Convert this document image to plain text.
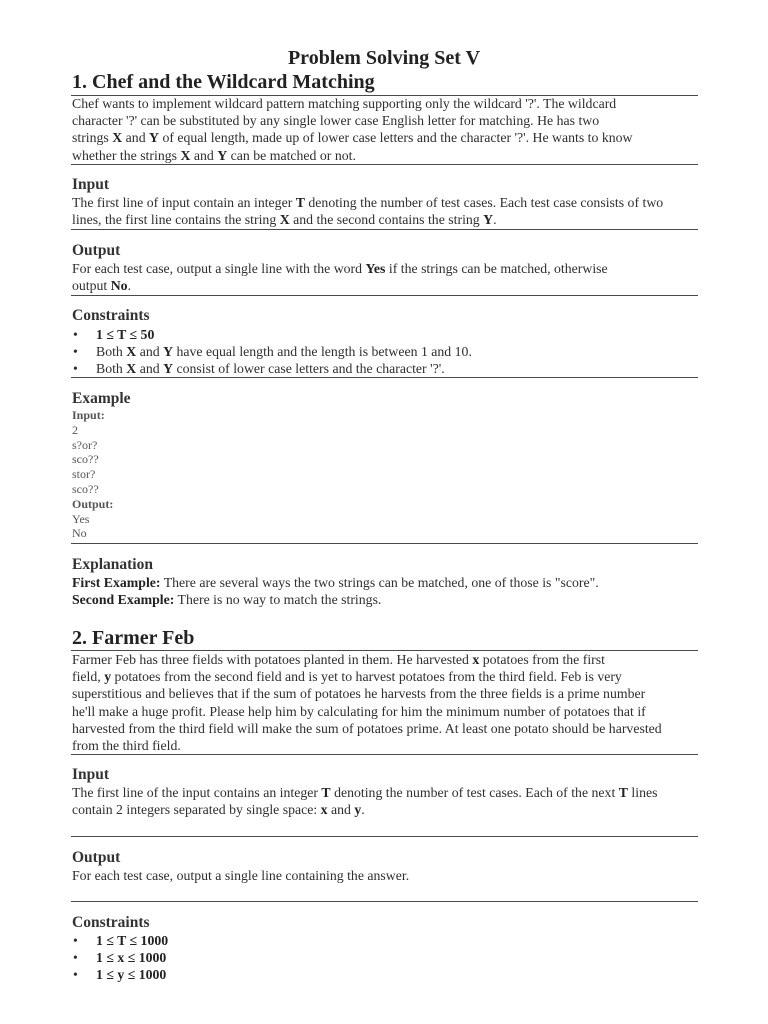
Problem Solving Set V
1. Chef and the Wildcard Matching
Chef wants to implement wildcard pattern matching supporting only the wildcard '?'. The wildcard
character '?' can be substituted by any single lower case English letter for matching. He has two
strings X and Y of equal length, made up of lower case letters and the character '?'. He wants to know
whether the strings X and Y can be matched or not.
Input
The first line of input contain an integer T denoting the number of test cases. Each test case consists of two
lines, the first line contains the string X and the second contains the string Y.
Output
For each test case, output a single line with the word Yes if the strings can be matched, otherwise
output No.
Constraints
• 1 ≤ T ≤ 50
• Both X and Y have equal length and the length is between 1 and 10.
• Both X and Y consist of lower case letters and the character '?'.
Example
Input:
2
s?or?
sco??
stor?
sco??
Output:
Yes
No
Explanation
First Example: There are several ways the two strings can be matched, one of those is "score".
Second Example: There is no way to match the strings.
2. Farmer Feb
Farmer Feb has three fields with potatoes planted in them. He harvested x potatoes from the first
field, y potatoes from the second field and is yet to harvest potatoes from the third field. Feb is very
superstitious and believes that if the sum of potatoes he harvests from the three fields is a prime number
he'll make a huge profit. Please help him by calculating for him the minimum number of potatoes that if
harvested from the third field will make the sum of potatoes prime. At least one potato should be harvested
from the third field.
Input
The first line of the input contains an integer T denoting the number of test cases. Each of the next T lines
contain 2 integers separated by single space: x and y.
Output
For each test case, output a single line containing the answer.
Constraints
• 1 ≤ T ≤ 1000
• 1 ≤ x ≤ 1000
• 1 ≤ y ≤ 1000
